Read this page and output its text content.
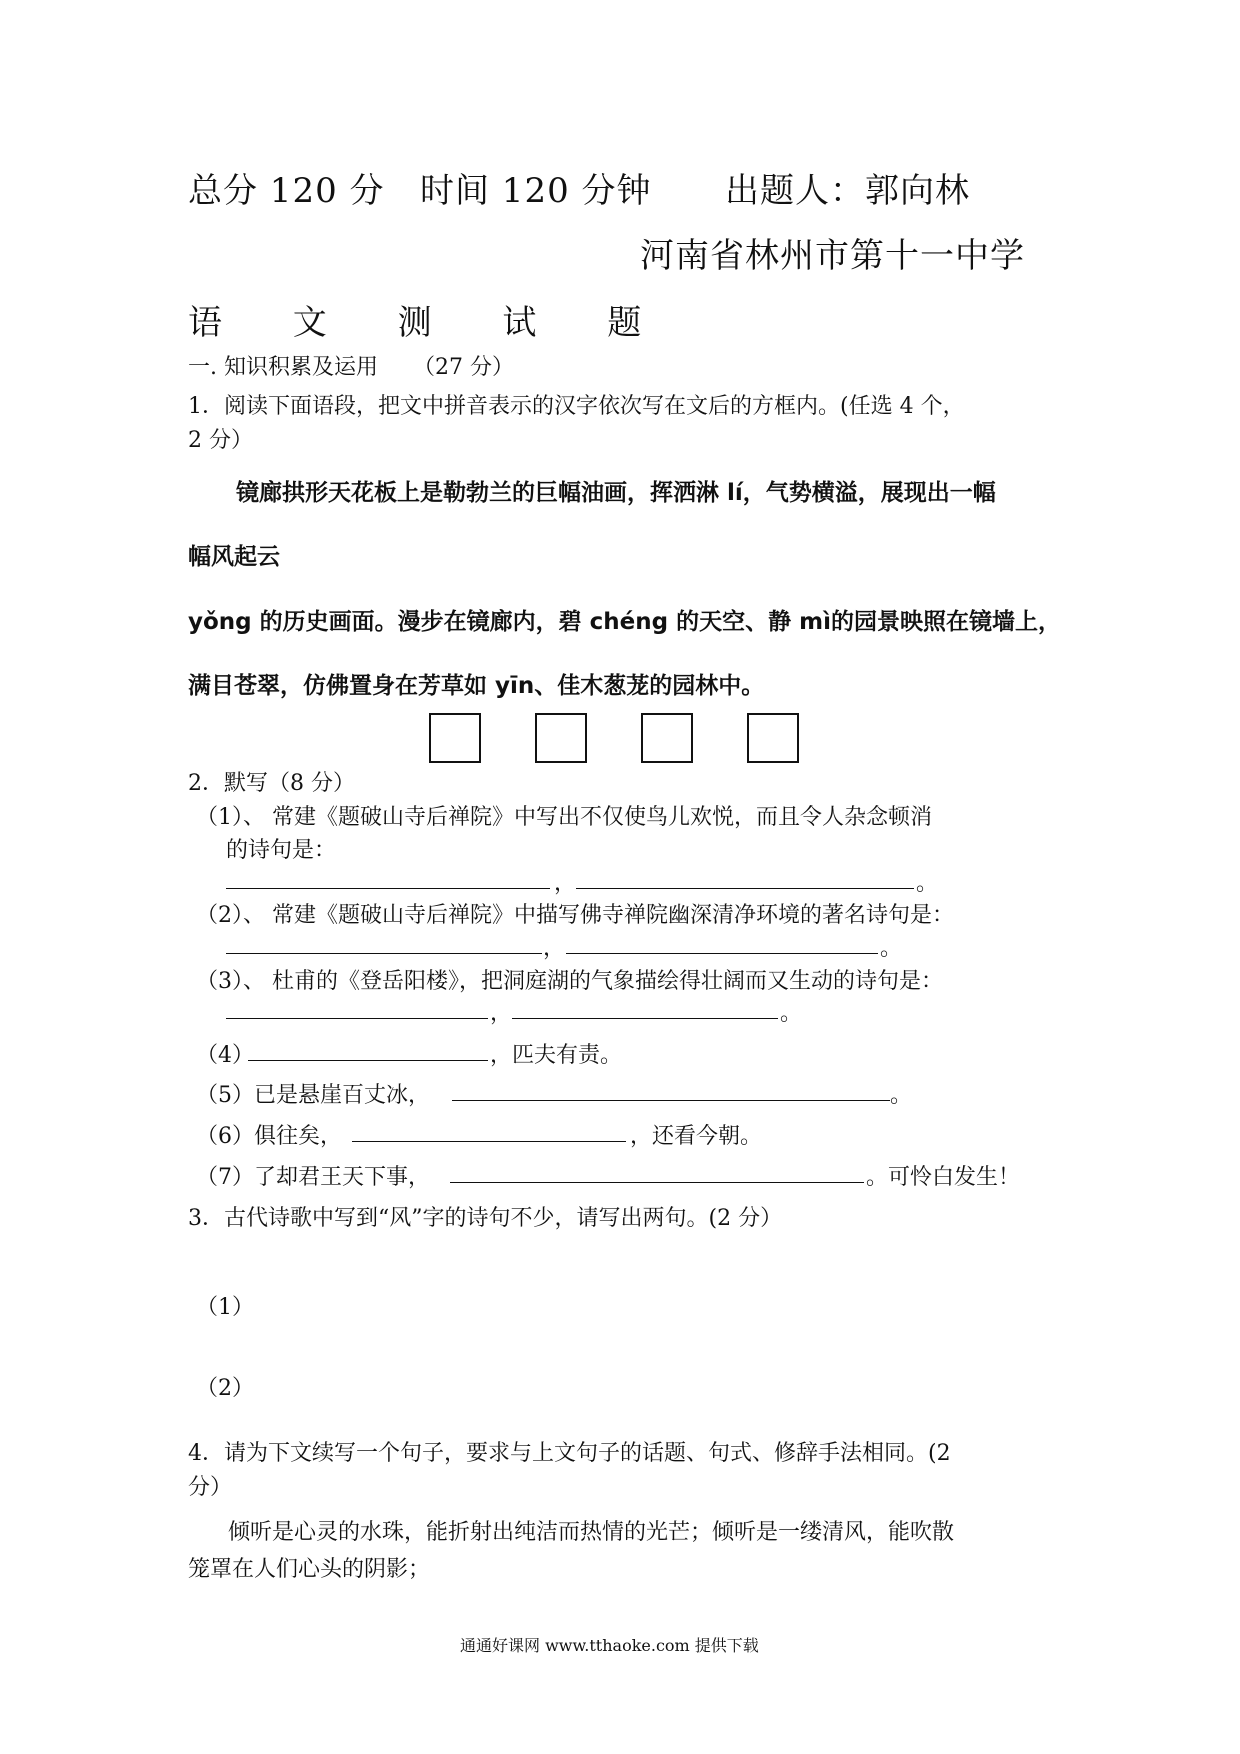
总分 120 分 时间 120 分钟 出题人：郭向林
河南省林州市第十一中学
语 文 测 试 题
一. 知识积累及运用 （27 分）
1．阅读下面语段，把文中拼音表示的汉字依次写在文后的方框内。(任选 4 个，
2 分）
镜廊拱形天花板上是勒勃兰的巨幅油画，挥洒淋 lí，气势横溢，展现出一幅
幅风起云
yǒng 的历史画面。漫步在镜廊内，碧 chéng 的天空、静 mì的园景映照在镜墙上，
满目苍翠，仿佛置身在芳草如 yīn、佳木葱茏的园林中。
2．默写（8 分）
（1）、 常建《题破山寺后禅院》中写出不仅使鸟儿欢悦，而且令人杂念顿消
的诗句是：
，	。
（2）、 常建《题破山寺后禅院》中描写佛寺禅院幽深清净环境的著名诗句是：
，	。
（3）、 杜甫的《登岳阳楼》，把洞庭湖的气象描绘得壮阔而又生动的诗句是：
，	。
（4）	，匹夫有责。
（5）已是悬崖百丈冰，	。
（6）俱往矣，	，还看今朝。
（7）了却君王天下事，	。可怜白发生！
3．古代诗歌中写到“风”字的诗句不少，请写出两句。(2 分）
（1）
（2）
4．请为下文续写一个句子，要求与上文句子的话题、句式、修辞手法相同。(2
分）
倾听是心灵的水珠，能折射出纯洁而热情的光芒；倾听是一缕清风，能吹散
笼罩在人们心头的阴影；
通通好课网 www.tthaoke.com 提供下载
